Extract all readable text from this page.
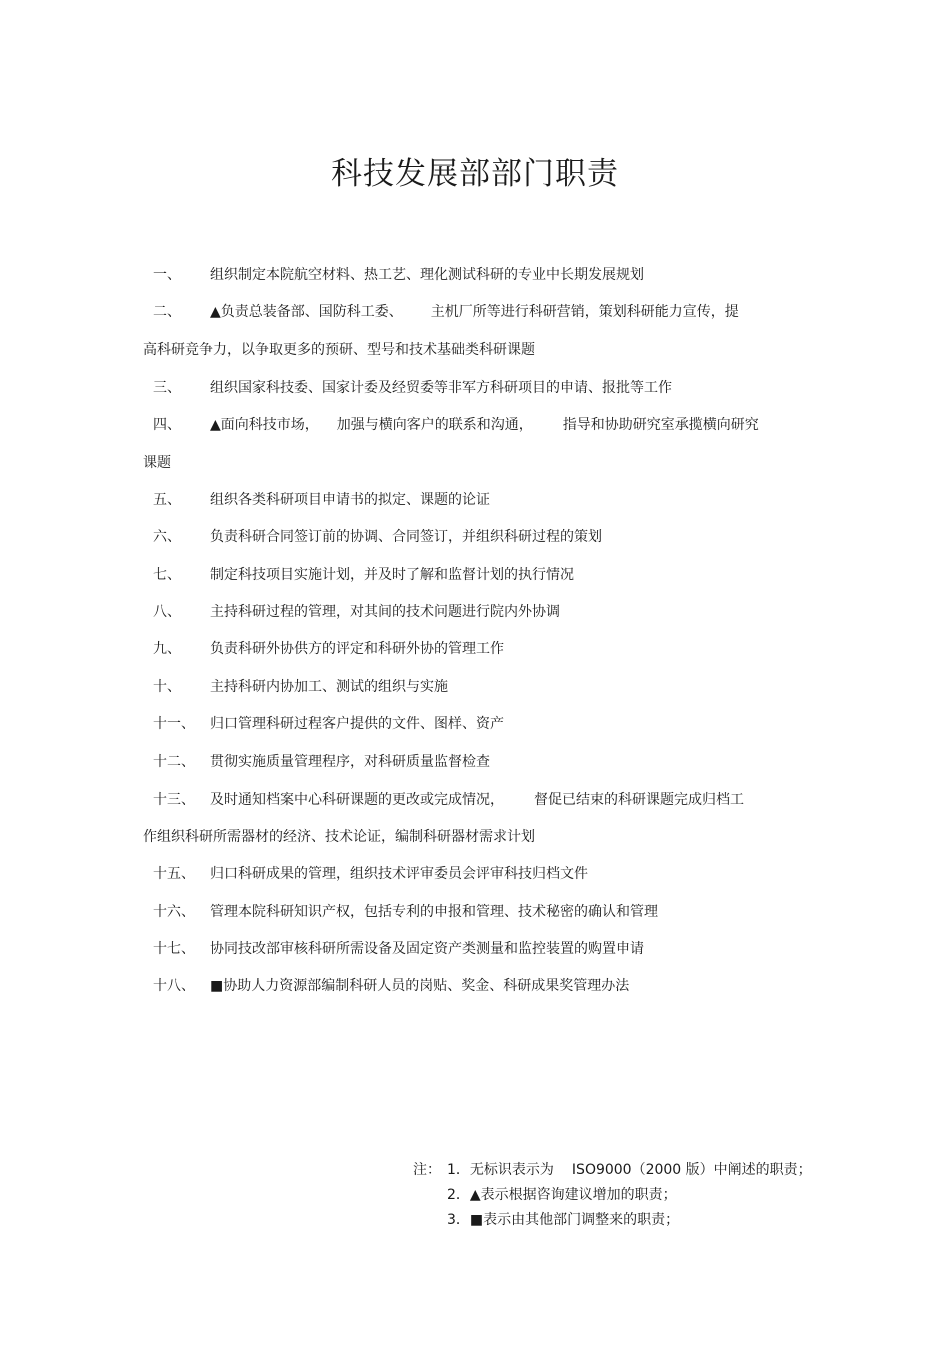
科技发展部部门职责
一、 组织制定本院航空材料、热工艺、理化测试科研的专业中长期发展规划
二、 ▲负责总装备部、国防科工委、 主机厂所等进行科研营销，策划科研能力宣传，提
高科研竞争力，以争取更多的预研、型号和技术基础类科研课题
三、 组织国家科技委、国家计委及经贸委等非军方科研项目的申请、报批等工作
四、 ▲面向科技市场， 加强与横向客户的联系和沟通， 指导和协助研究室承揽横向研究
课题
五、 组织各类科研项目申请书的拟定、课题的论证
六、 负责科研合同签订前的协调、合同签订，并组织科研过程的策划
七、 制定科技项目实施计划，并及时了解和监督计划的执行情况
八、 主持科研过程的管理，对其间的技术问题进行院内外协调
九、 负责科研外协供方的评定和科研外协的管理工作
十、 主持科研内协加工、测试的组织与实施
十一、 归口管理科研过程客户提供的文件、图样、资产
十二、 贯彻实施质量管理程序，对科研质量监督检查
十三、 及时通知档案中心科研课题的更改或完成情况， 督促已结束的科研课题完成归档工
作组织科研所需器材的经济、技术论证，编制科研器材需求计划
十五、 归口科研成果的管理，组织技术评审委员会评审科技归档文件
十六、 管理本院科研知识产权，包括专利的申报和管理、技术秘密的确认和管理
十七、 协同技改部审核科研所需设备及固定资产类测量和监控装置的购置申请
十八、 ■协助人力资源部编制科研人员的岗贴、奖金、科研成果奖管理办法
注： 1．无标识表示为 ISO9000（2000 版）中阐述的职责；
2．▲表示根据咨询建议增加的职责；
3．■表示由其他部门调整来的职责；
